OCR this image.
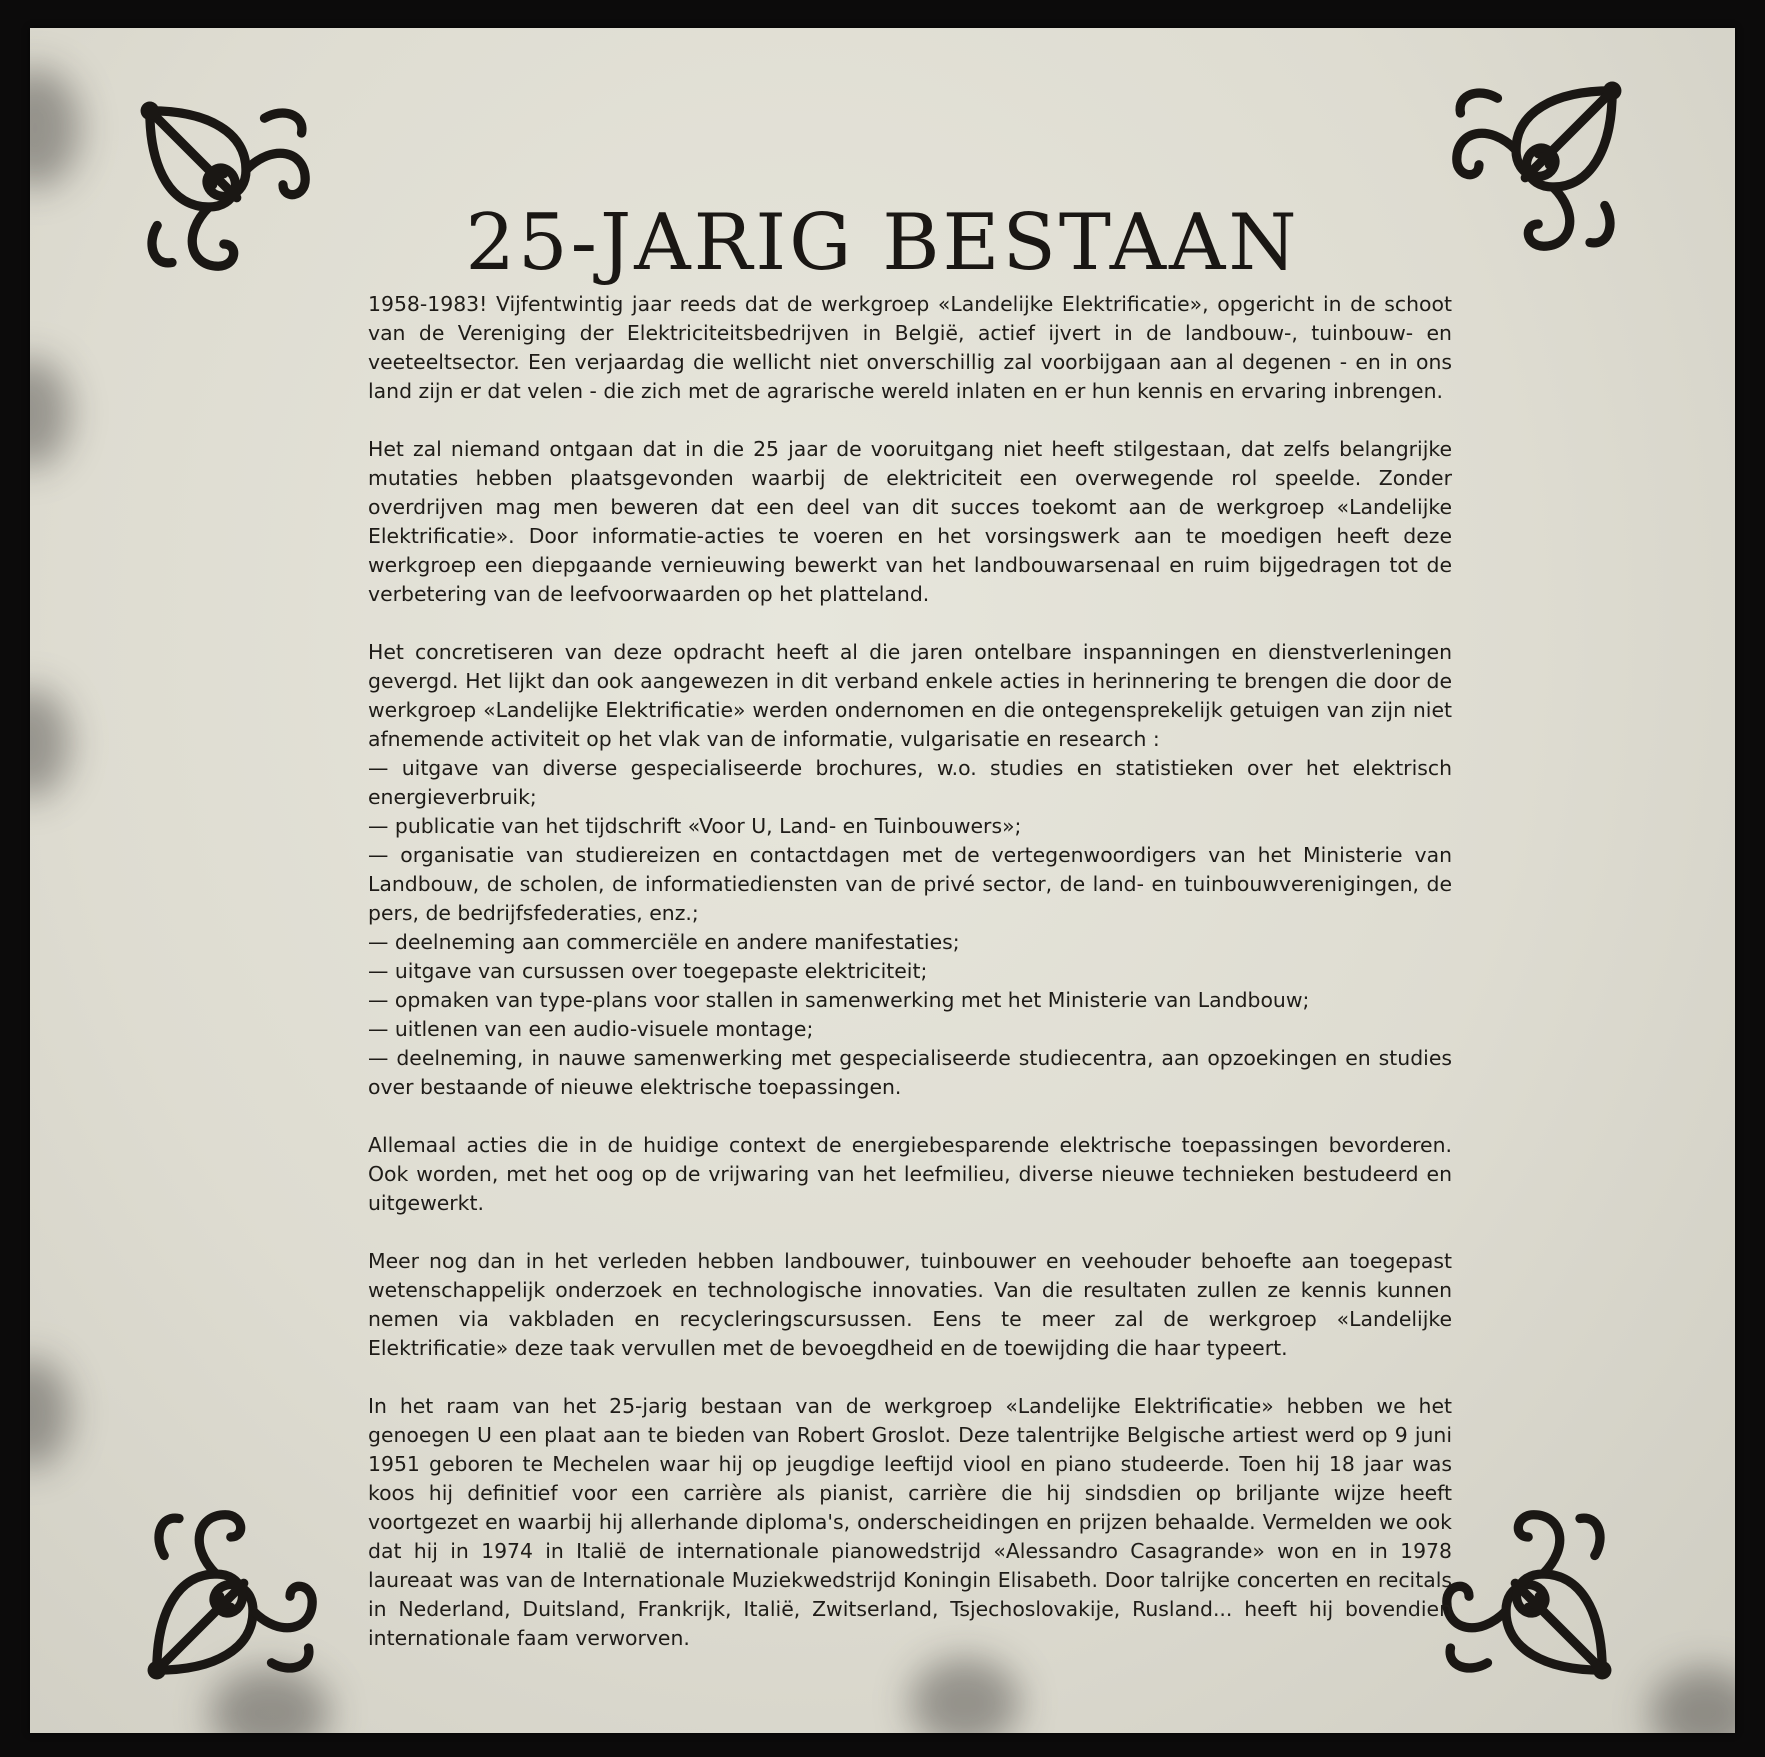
25-JARIG BESTAAN

1958-1983! Vijfentwintig jaar reeds dat de werkgroep «Landelijke Elektrificatie», opgericht in de schoot van de Vereniging der Elektriciteitsbedrijven in België, actief ijvert in de landbouw-, tuinbouw- en veeteeltsector. Een verjaardag die wellicht niet onverschillig zal voorbijgaan aan al degenen - en in ons land zijn er dat velen - die zich met de agrarische wereld inlaten en er hun kennis en ervaring inbrengen.

Het zal niemand ontgaan dat in die 25 jaar de vooruitgang niet heeft stilgestaan, dat zelfs belangrijke mutaties hebben plaatsgevonden waarbij de elektriciteit een overwegende rol speelde. Zonder overdrijven mag men beweren dat een deel van dit succes toekomt aan de werkgroep «Landelijke Elektrificatie». Door informatie-acties te voeren en het vorsingswerk aan te moedigen heeft deze werkgroep een diepgaande vernieuwing bewerkt van het landbouwarsenaal en ruim bijgedragen tot de verbetering van de leefvoorwaarden op het platteland.

Het concretiseren van deze opdracht heeft al die jaren ontelbare inspanningen en dienstverleningen gevergd. Het lijkt dan ook aangewezen in dit verband enkele acties in herinnering te brengen die door de werkgroep «Landelijke Elektrificatie» werden ondernomen en die ontegensprekelijk getuigen van zijn niet afnemende activiteit op het vlak van de informatie, vulgarisatie en research :

— uitgave van diverse gespecialiseerde brochures, w.o. studies en statistieken over het elektrisch energieverbruik;
— publicatie van het tijdschrift «Voor U, Land- en Tuinbouwers»;
— organisatie van studiereizen en contactdagen met de vertegenwoordigers van het Ministerie van Landbouw, de scholen, de informatiediensten van de privé sector, de land- en tuinbouwverenigingen, de pers, de bedrijfsfederaties, enz.;
— deelneming aan commerciële en andere manifestaties;
— uitgave van cursussen over toegepaste elektriciteit;
— opmaken van type-plans voor stallen in samenwerking met het Ministerie van Landbouw;
— uitlenen van een audio-visuele montage;

— deelneming, in nauwe samenwerking met gespecialiseerde studiecentra, aan opzoekingen en studies over bestaande of nieuwe elektrische toepassingen.

Allemaal acties die in de huidige context de energiebesparende elektrische toepassingen bevorderen. Ook worden, met het oog op de vrijwaring van het leefmilieu, diverse nieuwe technieken bestudeerd en uitgewerkt.

Meer nog dan in het verleden hebben landbouwer, tuinbouwer en veehouder behoefte aan toegepast wetenschappelijk onderzoek en technologische innovaties. Van die resultaten zullen ze kennis kunnen nemen via vakbladen en recycleringscursussen. Eens te meer zal de werkgroep «Landelijke Elektrificatie» deze taak vervullen met de bevoegdheid en de toewijding die haar typeert.

In het raam van het 25-jarig bestaan van de werkgroep «Landelijke Elektrificatie» hebben we het genoegen U een plaat aan te bieden van Robert Groslot. Deze talentrijke Belgische artiest werd op 9 juni 1951 geboren te Mechelen waar hij op jeugdige leeftijd viool en piano studeerde. Toen hij 18 jaar was koos hij definitief voor een carrière als pianist, carrière die hij sindsdien op briljante wijze heeft voortgezet en waarbij hij allerhande diploma's, onderscheidingen en prijzen behaalde. Vermelden we ook dat hij in 1974 in Italië de internationale pianowedstrijd «Alessandro Casagrande» won en in 1978 laureaat was van de Internationale Muziekwedstrijd Koningin Elisabeth. Door talrijke concerten en recitals in Nederland, Duitsland, Frankrijk, Italië, Zwitserland, Tsjechoslovakije, Rusland... heeft hij bovendien internationale faam verworven.
